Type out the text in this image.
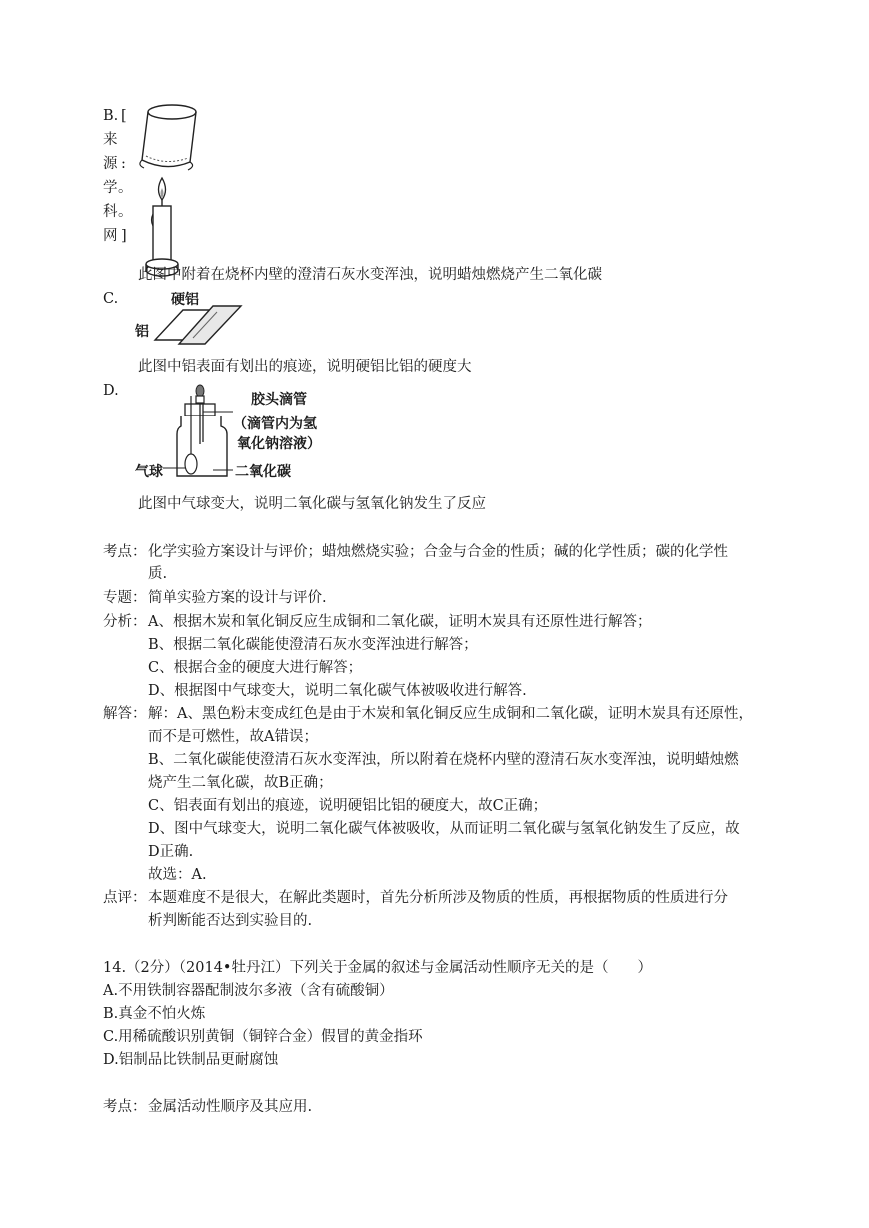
B. [
来
源 :
学 。
科 。
网 ]
此图中附着在烧杯内壁的澄清石灰水变浑浊，说明蜡烛燃烧产生二氧化碳
C.	硬铝
铝
此图中铝表面有划出的痕迹，说明硬铝比铝的硬度大
D.
胶头滴管
（滴管内为氢
氧化钠溶液）
二氧化碳
气球
此图中气球变大，说明二氧化碳与氢氧化钠发生了反应
考点： 化学实验方案设计与评价；蜡烛燃烧实验；合金与合金的性质；碱的化学性质；碳的化学性
质.
专题： 简单实验方案的设计与评价.
分析： A、根据木炭和氧化铜反应生成铜和二氧化碳，证明木炭具有还原性进行解答；
B、根据二氧化碳能使澄清石灰水变浑浊进行解答；
C、根据合金的硬度大进行解答；
D、根据图中气球变大，说明二氧化碳气体被吸收进行解答.
解答： 解：A、黑色粉末变成红色是由于木炭和氧化铜反应生成铜和二氧化碳，证明木炭具有还原性，
而不是可燃性，故A错误；
B、二氧化碳能使澄清石灰水变浑浊，所以附着在烧杯内壁的澄清石灰水变浑浊，说明蜡烛燃
烧产生二氧化碳，故B正确；
C、铝表面有划出的痕迹，说明硬铝比铝的硬度大，故C正确；
D、图中气球变大，说明二氧化碳气体被吸收，从而证明二氧化碳与氢氧化钠发生了反应，故
D正确.
故选：A.
点评： 本题难度不是很大，在解此类题时，首先分析所涉及物质的性质，再根据物质的性质进行分
析判断能否达到实验目的.
14.（2分）（2014•牡丹江）下列关于金属的叙述与金属活动性顺序无关的是（　　）
A.不用铁制容器配制波尔多液（含有硫酸铜）
B.真金不怕火炼
C.用稀硫酸识别黄铜（铜锌合金）假冒的黄金指环
D.铝制品比铁制品更耐腐蚀
考点： 金属活动性顺序及其应用.
